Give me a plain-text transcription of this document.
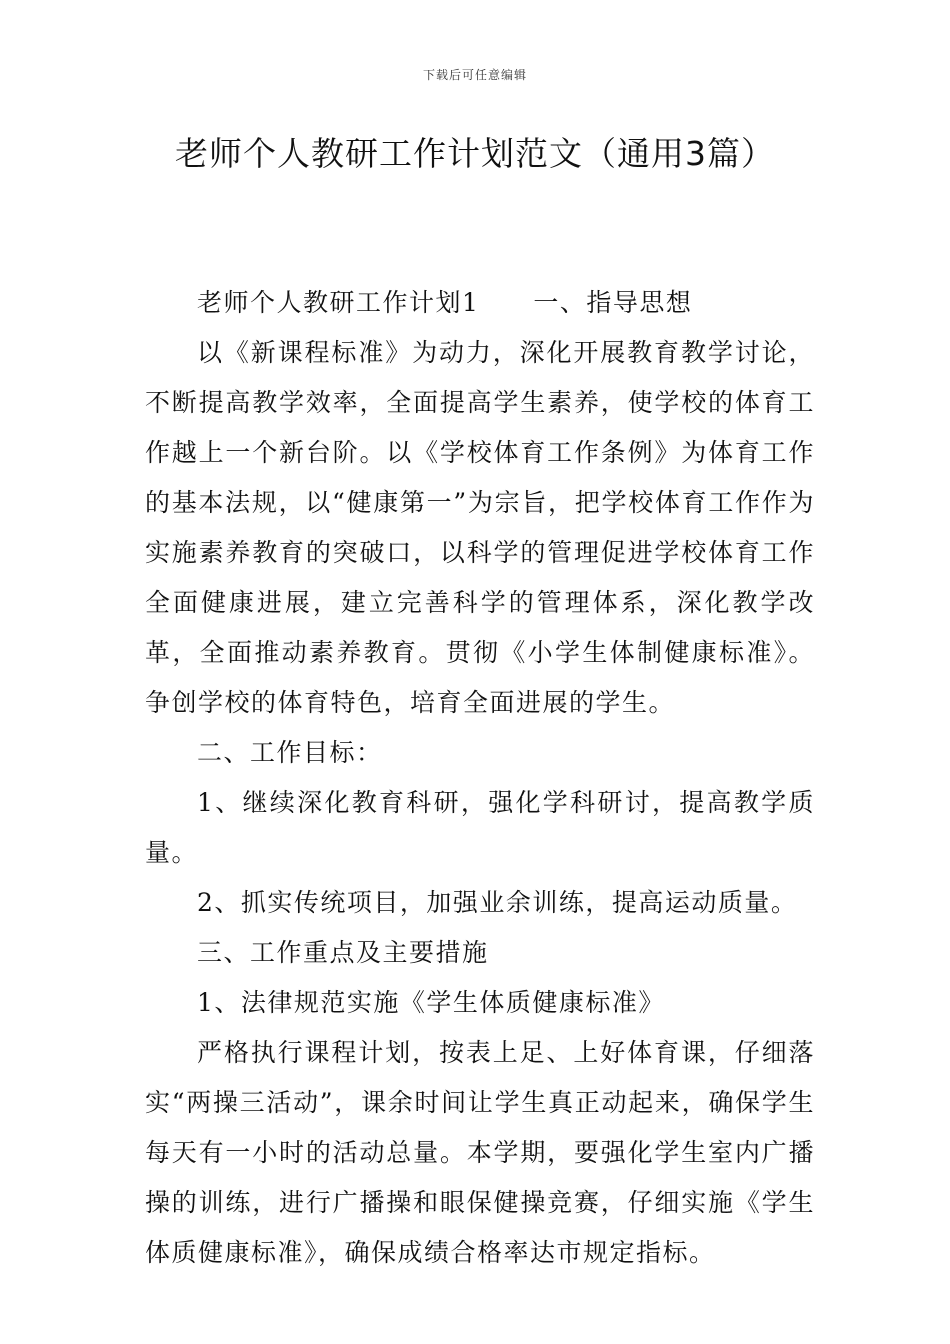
下载后可任意编辑
老师个人教研工作计划范文（通用3篇）

老师个人教研工作计划1 一、指导思想

以《新课程标准》为动力，深化开展教育教学讨论，不断提高教学效率，全面提高学生素养，使学校的体育工作越上一个新台阶。以《学校体育工作条例》为体育工作的基本法规，以“健康第一”为宗旨，把学校体育工作作为实施素养教育的突破口，以科学的管理促进学校体育工作全面健康进展，建立完善科学的管理体系，深化教学改革，全面推动素养教育。贯彻《小学生体制健康标准》。争创学校的体育特色，培育全面进展的学生。

二、工作目标：

1、继续深化教育科研，强化学科研讨，提高教学质量。

2、抓实传统项目，加强业余训练，提高运动质量。

三、工作重点及主要措施

1、法律规范实施《学生体质健康标准》

严格执行课程计划，按表上足、上好体育课，仔细落实“两操三活动”，课余时间让学生真正动起来，确保学生每天有一小时的活动总量。本学期，要强化学生室内广播操的训练，进行广播操和眼保健操竞赛，仔细实施《学生体质健康标准》，确保成绩合格率达市规定指标。
